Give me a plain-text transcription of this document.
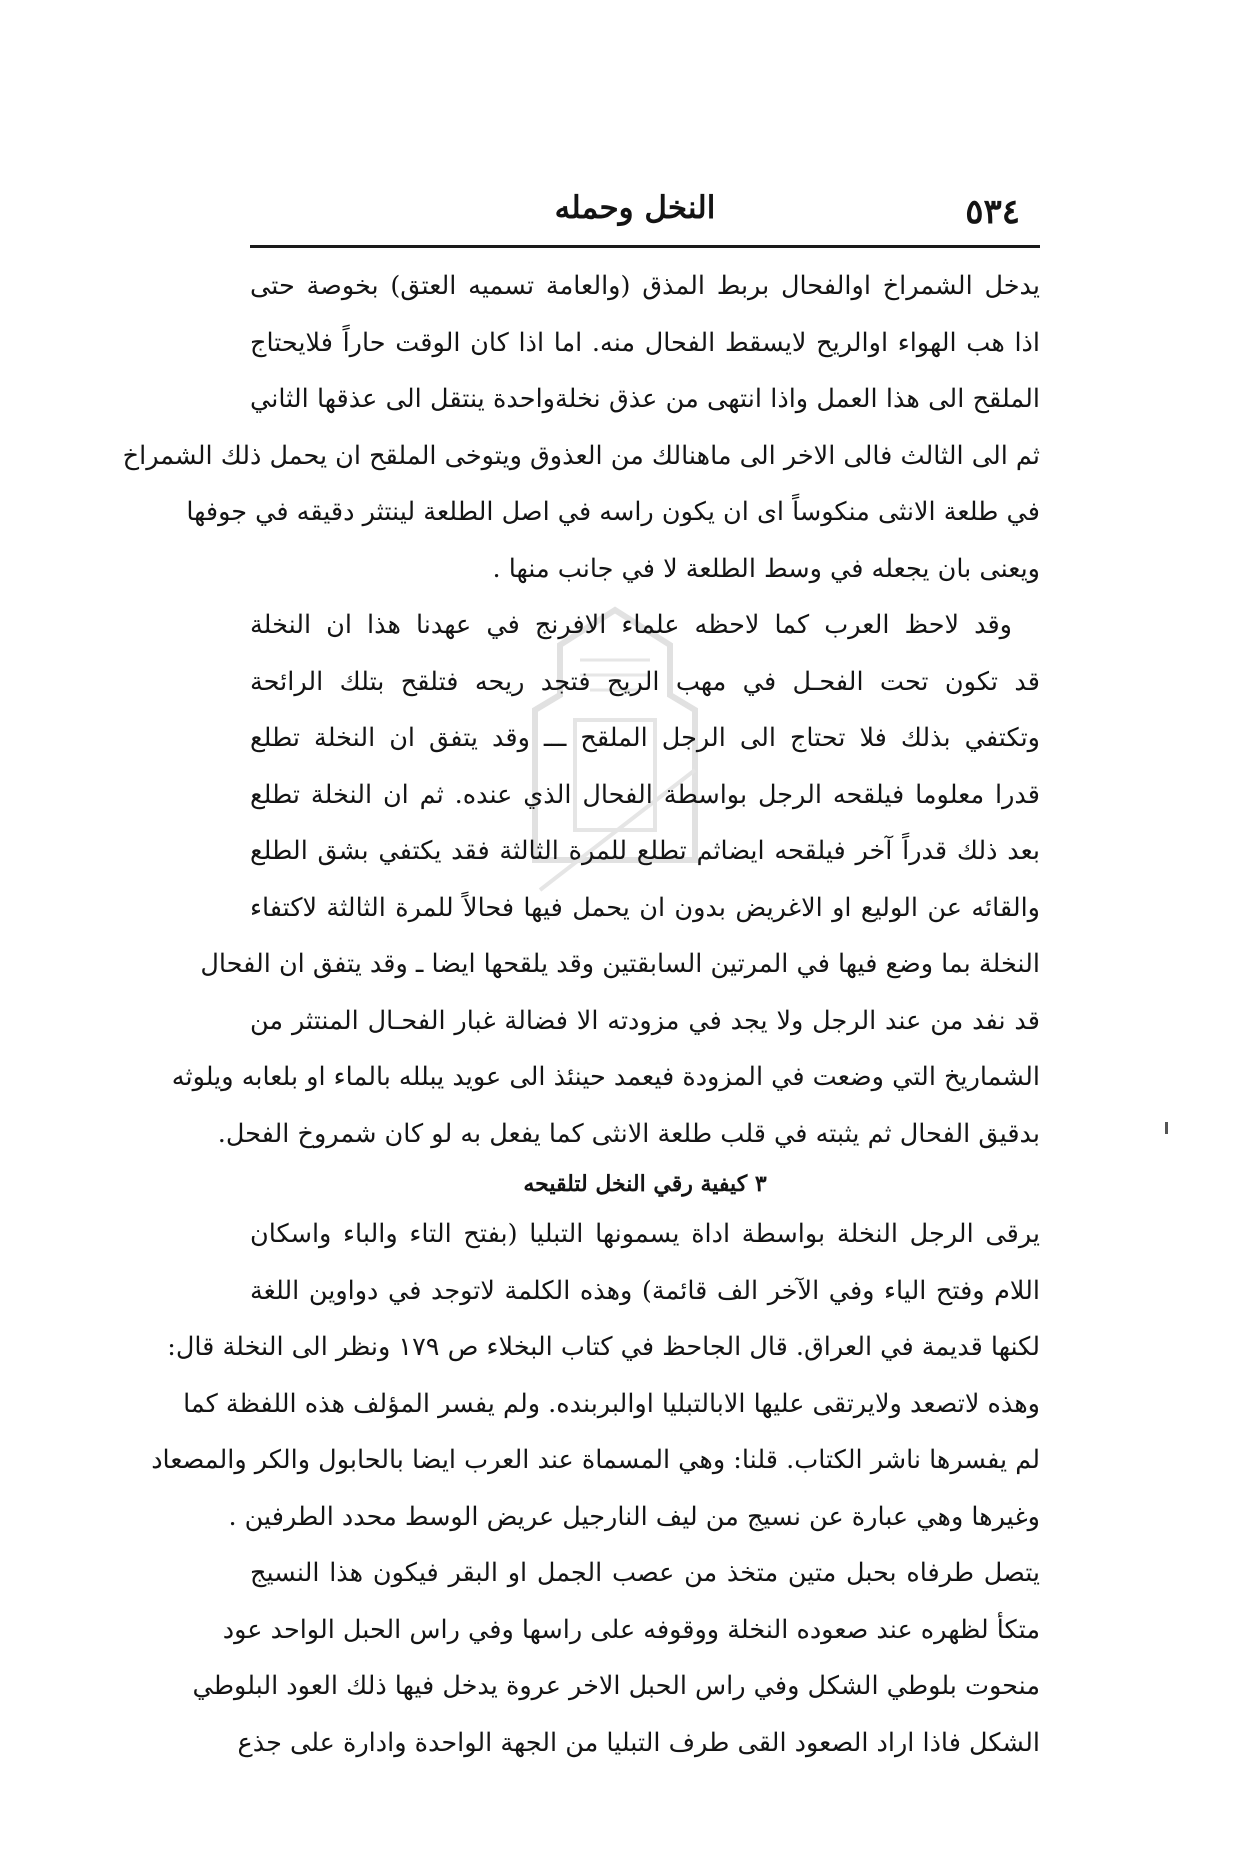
٥٣٤
النخل وحمله
يدخل الشمراخ اوالفحال بربط المذق (والعامة تسميه العتق) بخوصة حتى
اذا هب الهواء اوالريح لايسقط الفحال منه. اما اذا كان الوقت حاراً فلايحتاج
الملقح الى هذا العمل واذا انتهى من عذق نخلةواحدة ينتقل الى عذقها الثاني
ثم الى الثالث فالى الاخر الى ماهنالك من العذوق ويتوخى الملقح ان يحمل ذلك الشمراخ
في طلعة الانثى منكوساً اى ان يكون راسه في اصل الطلعة لينتثر دقيقه في جوفها
ويعنى بان يجعله في وسط الطلعة لا في جانب منها .
وقد لاحظ العرب كما لاحظه علماء الافرنج في عهدنا هذا ان النخلة
قد تكون تحت الفحـل في مهب الريح فتجد ريحه فتلقح بتلك الرائحة
وتكتفي بذلك فلا تحتاج الى الرجل الملقح ـــ وقد يتفق ان النخلة تطلع
قدرا معلوما فيلقحه الرجل بواسطة الفحال الذي عنده. ثم ان النخلة تطلع
بعد ذلك قدراً آخر فيلقحه ايضاثم تطلع للمرة الثالثة فقد يكتفي بشق الطلع
والقائه عن الوليع او الاغريض بدون ان يحمل فيها فحالاً للمرة الثالثة لاكتفاء
النخلة بما وضع فيها في المرتين السابقتين وقد يلقحها ايضا ـ وقد يتفق ان الفحال
قد نفد من عند الرجل ولا يجد في مزودته الا فضالة غبار الفحـال المنتثر من
الشماريخ التي وضعت في المزودة فيعمد حينئذ الى عويد يبلله بالماء او بلعابه ويلوثه
بدقيق الفحال ثم يثبته في قلب طلعة الانثى كما يفعل به لو كان شمروخ الفحل.
٣ كيفية رقي النخل لتلقيحه
يرقى الرجل النخلة بواسطة اداة يسمونها التبليا (بفتح التاء والباء واسكان
اللام وفتح الياء وفي الآخر الف قائمة) وهذه الكلمة لاتوجد في دواوين اللغة
لكنها قديمة في العراق. قال الجاحظ في كتاب البخلاء ص ١٧٩ ونظر الى النخلة قال:
وهذه لاتصعد ولايرتقى عليها الابالتبليا اوالبربنده. ولم يفسر المؤلف هذه اللفظة كما
لم يفسرها ناشر الكتاب. قلنا: وهي المسماة عند العرب ايضا بالحابول والكر والمصعاد
وغيرها وهي عبارة عن نسيج من ليف النارجيل عريض الوسط محدد الطرفين .
يتصل طرفاه بحبل متين متخذ من عصب الجمل او البقر فيكون هذا النسيج
متكأ لظهره عند صعوده النخلة ووقوفه على راسها وفي راس الحبل الواحد عود
منحوت بلوطي الشكل وفي راس الحبل الاخر عروة يدخل فيها ذلك العود البلوطي
الشكل فاذا اراد الصعود القى طرف التبليا من الجهة الواحدة وادارة على جذع
